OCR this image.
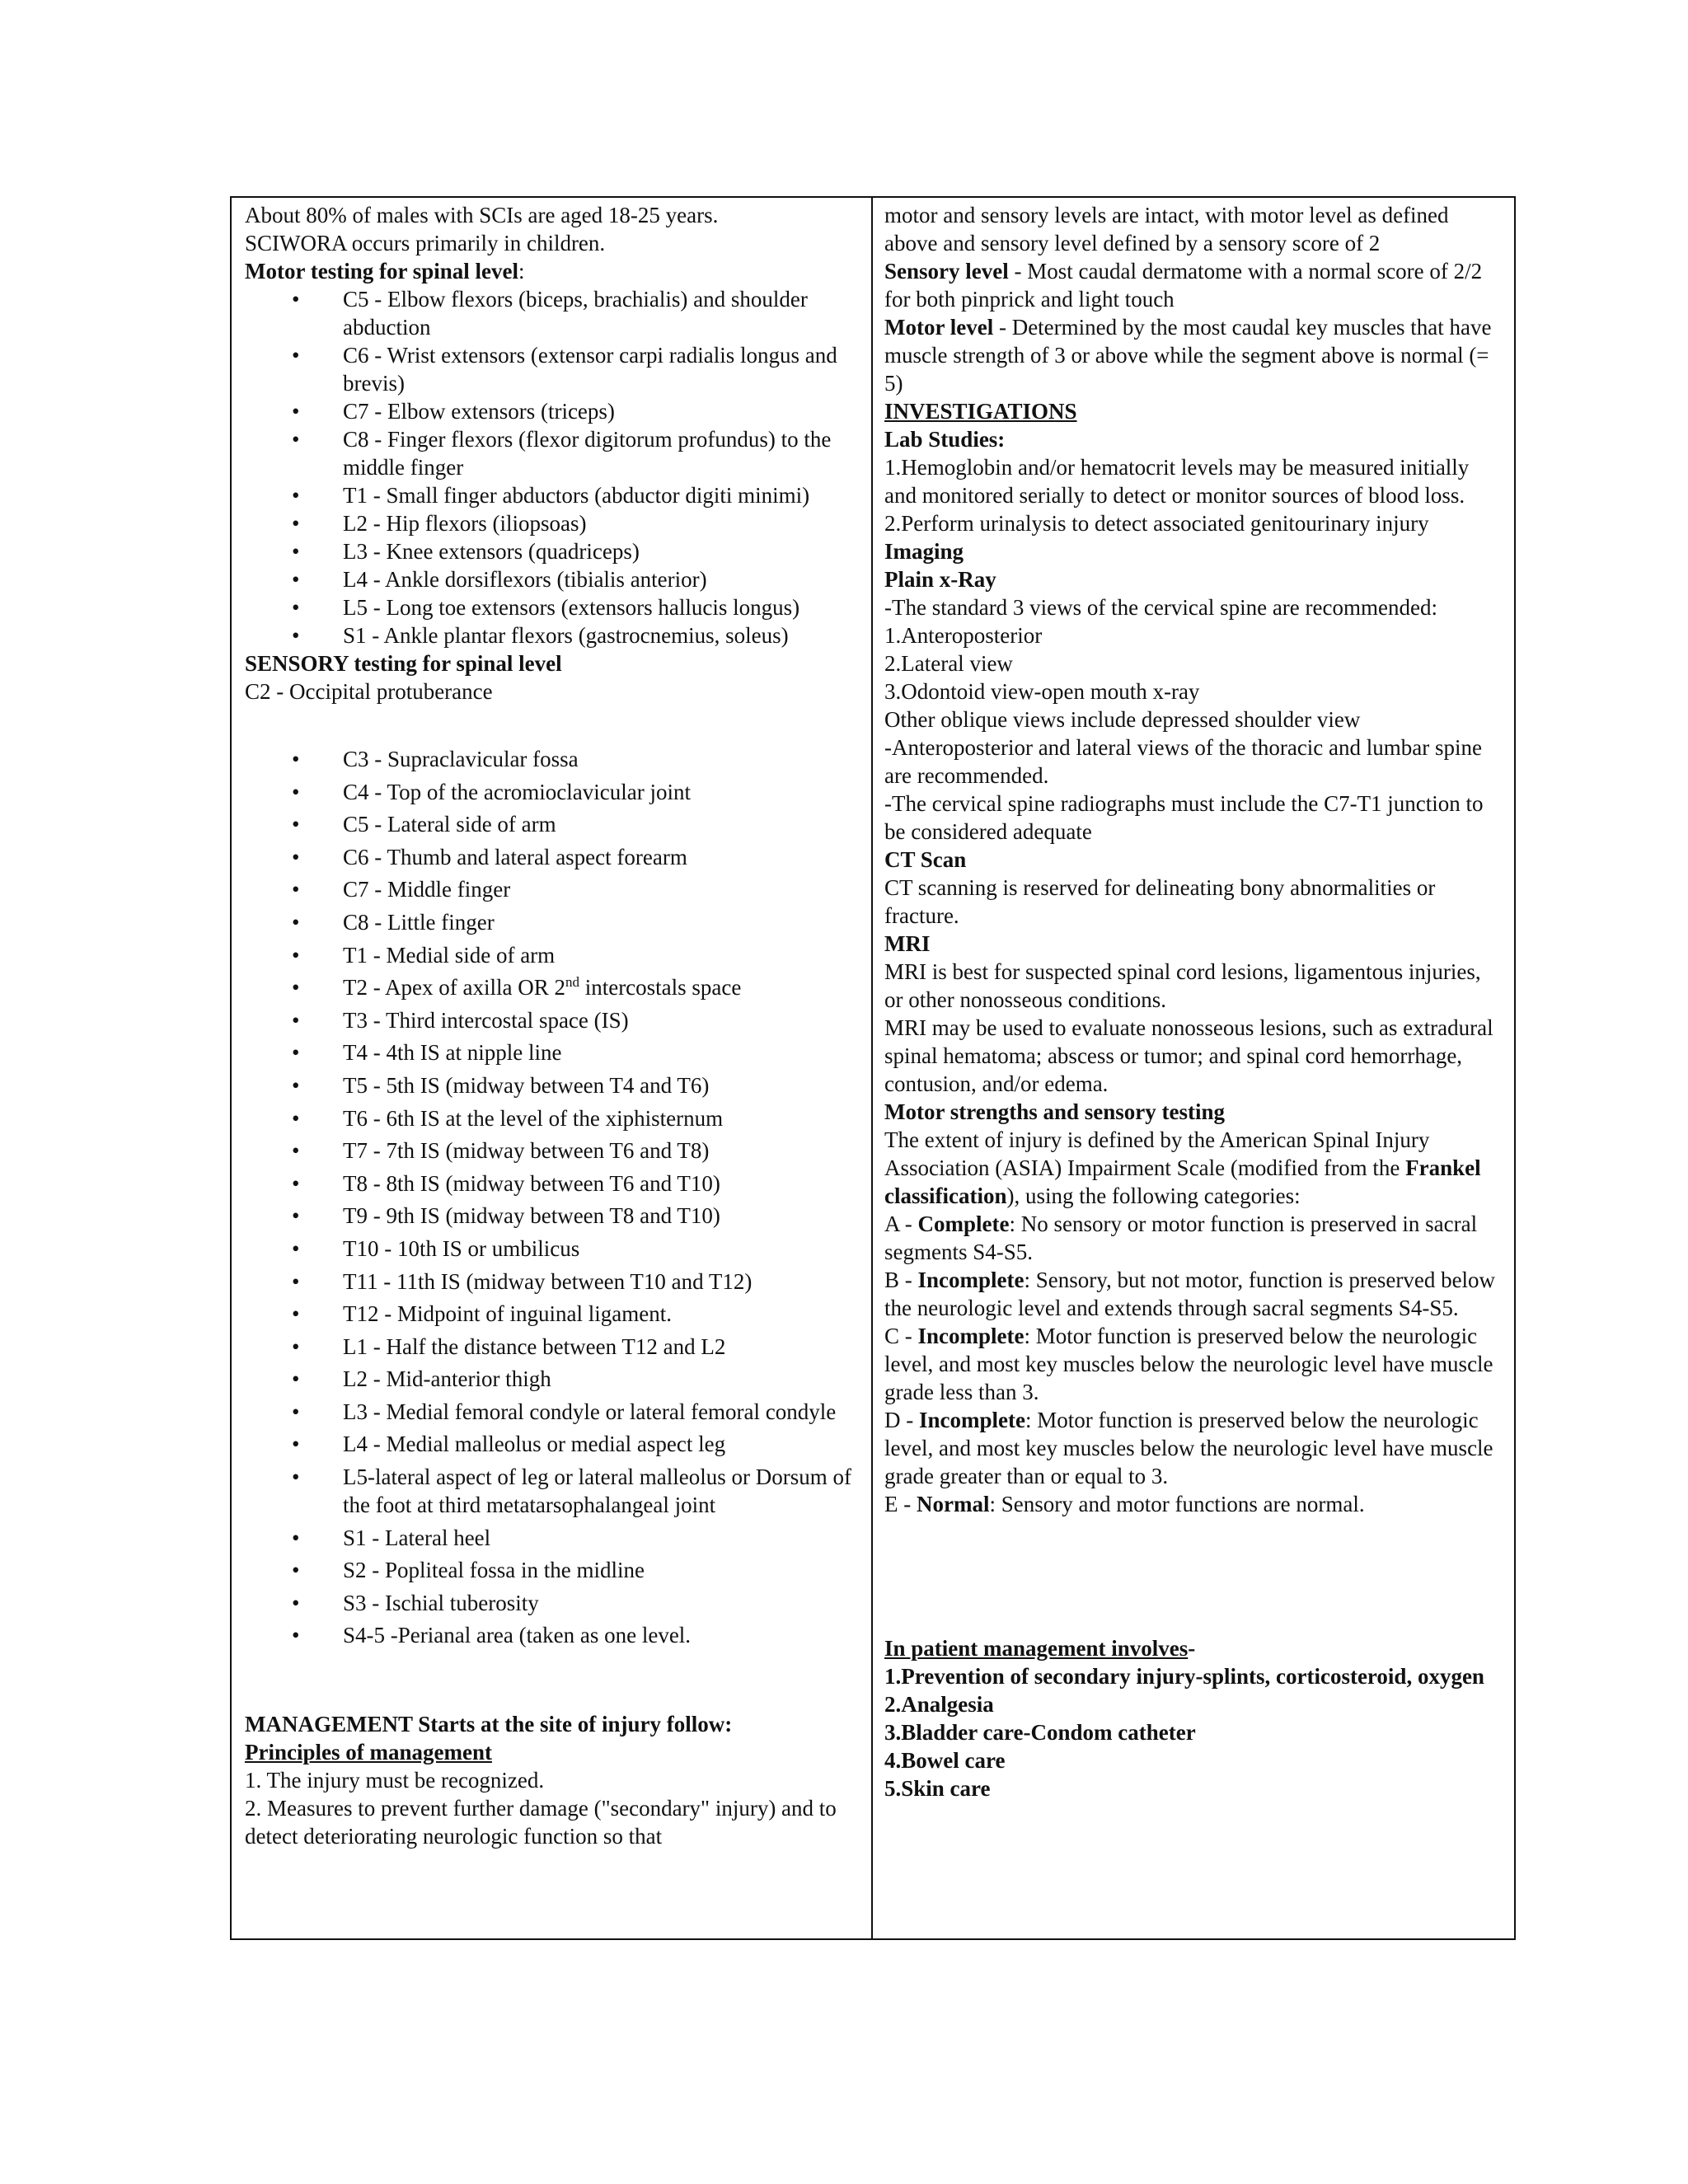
About 80% of males with SCIs are aged 18-25 years.

SCIWORA occurs primarily in children.

Motor testing for spinal level:

• C5 - Elbow flexors (biceps, brachialis) and shoulder abduction
• C6 - Wrist extensors (extensor carpi radialis longus and brevis)
• C7 - Elbow extensors (triceps)
• C8 - Finger flexors (flexor digitorum profundus) to the middle finger
• T1 - Small finger abductors (abductor digiti minimi)
• L2 - Hip flexors (iliopsoas)
• L3 - Knee extensors (quadriceps)
• L4 - Ankle dorsiflexors (tibialis anterior)
• L5 - Long toe extensors (extensors hallucis longus)
• S1 - Ankle plantar flexors (gastrocnemius, soleus)

SENSORY testing for spinal level

C2 - Occipital protuberance

• C3 - Supraclavicular fossa
• C4 - Top of the acromioclavicular joint
• C5 - Lateral side of arm
• C6 - Thumb and lateral aspect forearm
• C7 - Middle finger
• C8 - Little finger
• T1 - Medial side of arm
• T2 - Apex of axilla OR 2nd intercostals space
• T3 - Third intercostal space (IS)
• T4 - 4th IS at nipple line
• T5 - 5th IS (midway between T4 and T6)
• T6 - 6th IS at the level of the xiphisternum
• T7 - 7th IS (midway between T6 and T8)
• T8 - 8th IS (midway between T6 and T10)
• T9 - 9th IS (midway between T8 and T10)
• T10 - 10th IS or umbilicus
• T11 - 11th IS (midway between T10 and T12)
• T12 - Midpoint of inguinal ligament.
• L1 - Half the distance between T12 and L2
• L2 - Mid-anterior thigh
• L3 - Medial femoral condyle or lateral femoral condyle
• L4 - Medial malleolus or medial aspect leg
• L5-lateral aspect of leg or lateral malleolus or Dorsum of the foot at third metatarsophalangeal joint
• S1 - Lateral heel
• S2 - Popliteal fossa in the midline
• S3 - Ischial tuberosity
• S4-5 -Perianal area (taken as one level.

MANAGEMENT Starts at the site of injury follow:

Principles of management

1. The injury must be recognized.

2. Measures to prevent further damage ("secondary" injury) and to detect deteriorating neurologic function so that

motor and sensory levels are intact, with motor level as defined above and sensory level defined by a sensory score of 2

Sensory level - Most caudal dermatome with a normal score of 2/2 for both pinprick and light touch

Motor level - Determined by the most caudal key muscles that have muscle strength of 3 or above while the segment above is normal (= 5)

INVESTIGATIONS

Lab Studies:

1.Hemoglobin and/or hematocrit levels may be measured initially and monitored serially to detect or monitor sources of blood loss.

2.Perform urinalysis to detect associated genitourinary injury

Imaging

Plain x-Ray

-The standard 3 views of the cervical spine are recommended:

1.Anteroposterior

2.Lateral view

3.Odontoid view-open mouth x-ray

Other oblique views include depressed shoulder view

-Anteroposterior and lateral views of the thoracic and lumbar spine are recommended.

-The cervical spine radiographs must include the C7-T1 junction to be considered adequate

CT Scan

CT scanning is reserved for delineating bony abnormalities or fracture.

MRI

MRI is best for suspected spinal cord lesions, ligamentous injuries, or other nonosseous conditions.

MRI may be used to evaluate nonosseous lesions, such as extradural spinal hematoma; abscess or tumor; and spinal cord hemorrhage, contusion, and/or edema.

Motor strengths and sensory testing

The extent of injury is defined by the American Spinal Injury Association (ASIA) Impairment Scale (modified from the Frankel classification), using the following categories:

A - Complete: No sensory or motor function is preserved in sacral segments S4-S5.

B - Incomplete: Sensory, but not motor, function is preserved below the neurologic level and extends through sacral segments S4-S5.

C - Incomplete: Motor function is preserved below the neurologic level, and most key muscles below the neurologic level have muscle grade less than 3.

D - Incomplete: Motor function is preserved below the neurologic level, and most key muscles below the neurologic level have muscle grade greater than or equal to 3.

E - Normal: Sensory and motor functions are normal.

In patient management involves-

1.Prevention of secondary injury-splints, corticosteroid, oxygen

2.Analgesia

3.Bladder care-Condom catheter

4.Bowel care

5.Skin care
